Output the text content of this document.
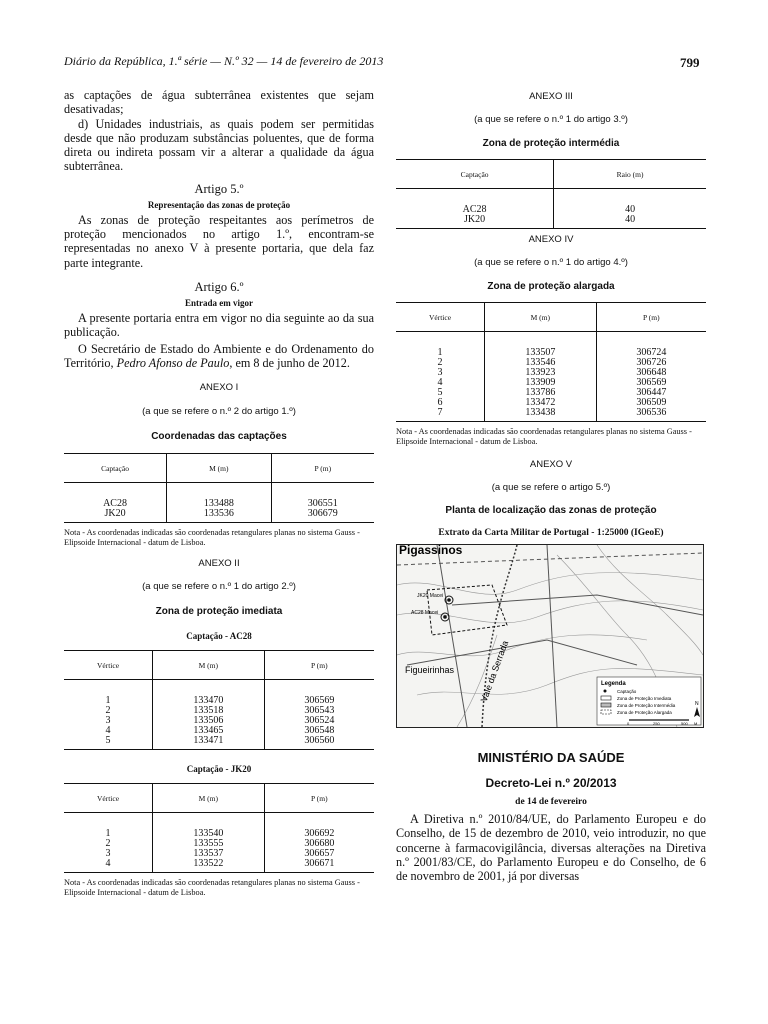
Diário da República, 1.ª série — N.º 32 — 14 de fevereiro de 2013	799

as captações de água subterrânea existentes que sejam desativadas;

d) Unidades industriais, as quais podem ser permitidas desde que não produzam substâncias poluentes, que de forma direta ou indireta possam vir a alterar a qualidade da água subterrânea.

Artigo 5.º
Representação das zonas de proteção

As zonas de proteção respeitantes aos perímetros de proteção mencionados no artigo 1.º, encontram-se representadas no anexo V à presente portaria, que dela faz parte integrante.

Artigo 6.º
Entrada em vigor

A presente portaria entra em vigor no dia seguinte ao da sua publicação.

O Secretário de Estado do Ambiente e do Ordenamento do Território, Pedro Afonso de Paulo, em 8 de junho de 2012.

ANEXO I
(a que se refere o n.º 2 do artigo 1.º)
Coordenadas das captações
Captação	M (m)	P (m)
AC28	133488	306551
JK20	133536	306679
Nota - As coordenadas indicadas são coordenadas retangulares planas no sistema Gauss - Elipsoide Internacional - datum de Lisboa.
ANEXO II
(a que se refere o n.º 1 do artigo 2.º)
Zona de proteção imediata
Captação - AC28
Vértice	M (m)	P (m)
1	133470	306569
2	133518	306543
3	133506	306524
4	133465	306548
5	133471	306560
Captação - JK20
Vértice	M (m)	P (m)
1	133540	306692
2	133555	306680
3	133537	306657
4	133522	306671
Nota - As coordenadas indicadas são coordenadas retangulares planas no sistema Gauss - Elipsoide Internacional - datum de Lisboa.
ANEXO III
(a que se refere o n.º 1 do artigo 3.º)
Zona de proteção intermédia
Captação	Raio (m)
AC28	40
JK20	40
ANEXO IV
(a que se refere o n.º 1 do artigo 4.º)
Zona de proteção alargada
Vértice	M (m)	P (m)
1	133507	306724
2	133546	306726
3	133923	306648
4	133909	306569
5	133786	306447
6	133472	306509
7	133438	306536
Nota - As coordenadas indicadas são coordenadas retangulares planas no sistema Gauss - Elipsoide Internacional - datum de Lisboa.
ANEXO V
(a que se refere o artigo 5.º)
Planta de localização das zonas de proteção
Extrato da Carta Militar de Portugal - 1:25000 (IGeoE)
Pigassinos
Figueirinhas
JK20 Macei
AC28 Macei
Vale da Serrada	Legenda
Captação
Zona de Proteção Imediata
Zona de Proteção Intermédia
Zona de Proteção Alargada
0	250	500 M
N
MINISTÉRIO DA SAÚDE
Decreto-Lei n.º 20/2013
de 14 de fevereiro

A Diretiva n.º 2010/84/UE, do Parlamento Europeu e do Conselho, de 15 de dezembro de 2010, veio introduzir, no que concerne à farmacovigilância, diversas alterações na Diretiva n.º 2001/83/CE, do Parlamento Europeu e do Conselho, de 6 de novembro de 2001, já por diversas
